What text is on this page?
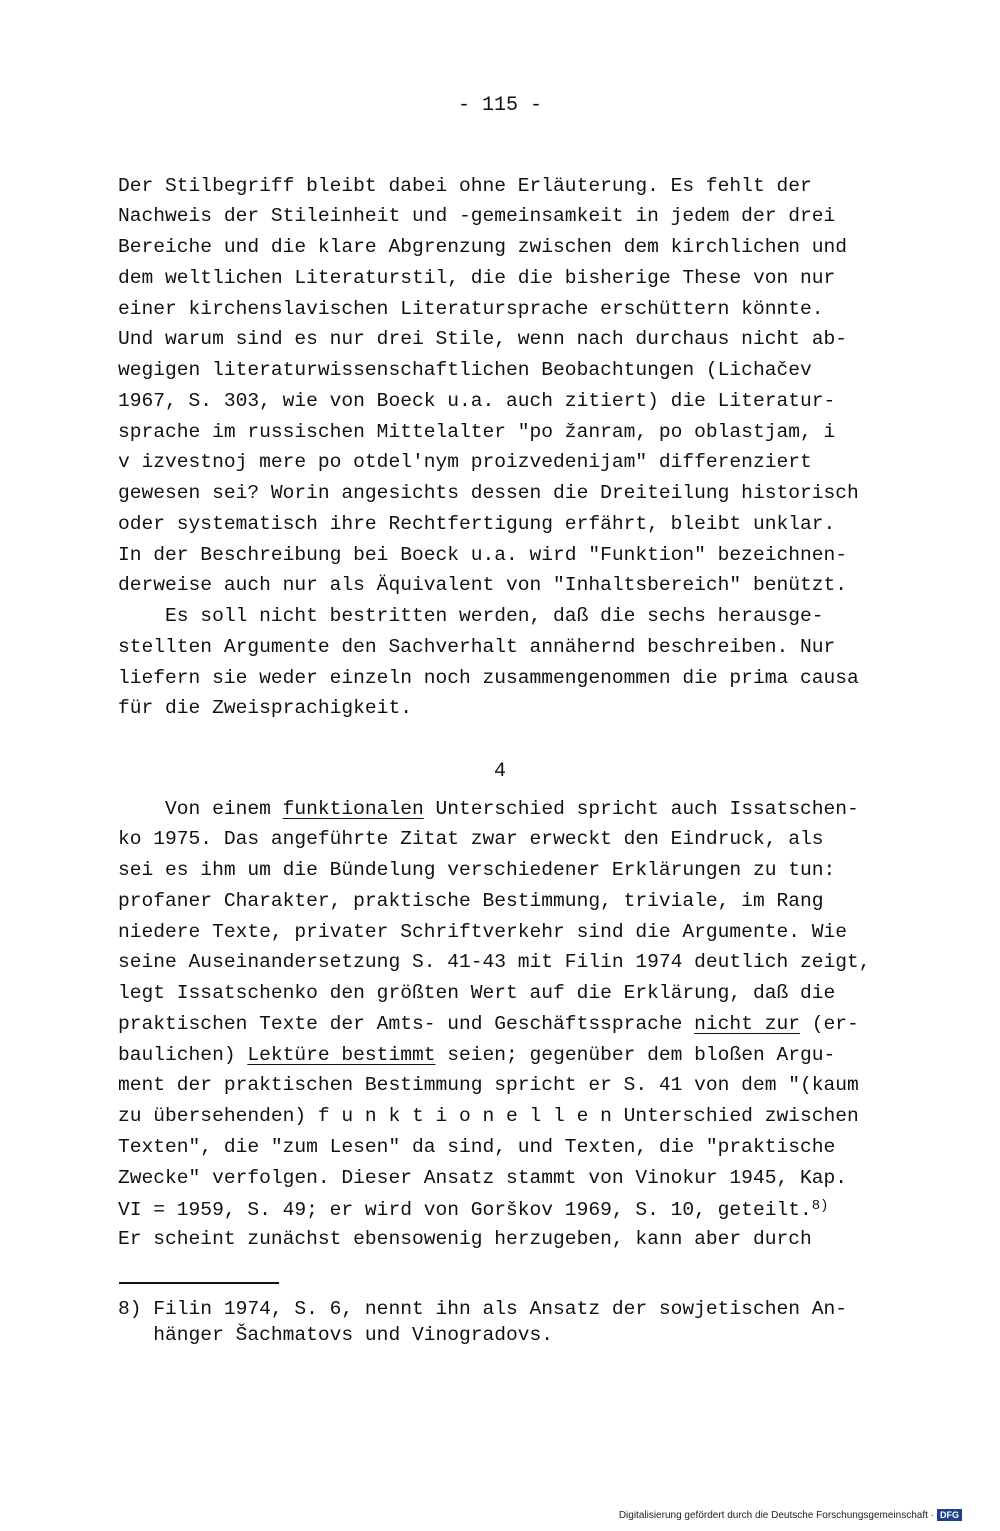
- 115 -
Der Stilbegriff bleibt dabei ohne Erläuterung. Es fehlt der
Nachweis der Stileinheit und -gemeinsamkeit in jedem der drei
Bereiche und die klare Abgrenzung zwischen dem kirchlichen und
dem weltlichen Literaturstil, die die bisherige These von nur
einer kirchenslavischen Literatursprache erschüttern könnte.
Und warum sind es nur drei Stile, wenn nach durchaus nicht ab-
wegigen literaturwissenschaftlichen Beobachtungen (Lichačev
1967, S. 303, wie von Boeck u.a. auch zitiert) die Literatur-
sprache im russischen Mittelalter "po žanram, po oblastjam, i
v izvestnoj mere po otdel'nym proizvedenijam" differenziert
gewesen sei? Worin angesichts dessen die Dreiteilung historisch
oder systematisch ihre Rechtfertigung erfährt, bleibt unklar.
In der Beschreibung bei Boeck u.a. wird "Funktion" bezeichnen-
derweise auch nur als Äquivalent von "Inhaltsbereich" benützt.
Es soll nicht bestritten werden, daß die sechs herausge-
stellten Argumente den Sachverhalt annähernd beschreiben. Nur
liefern sie weder einzeln noch zusammengenommen die prima causa
für die Zweisprachigkeit.
4
Von einem funktionalen Unterschied spricht auch Issatschen-
ko 1975. Das angeführte Zitat zwar erweckt den Eindruck, als
sei es ihm um die Bündelung verschiedener Erklärungen zu tun:
profaner Charakter, praktische Bestimmung, triviale, im Rang
niedere Texte, privater Schriftverkehr sind die Argumente. Wie
seine Auseinandersetzung S. 41-43 mit Filin 1974 deutlich zeigt,
legt Issatschenko den größten Wert auf die Erklärung, daß die
praktischen Texte der Amts- und Geschäftssprache nicht zur (er-
baulichen) Lektüre bestimmt seien; gegenüber dem bloßen Argu-
ment der praktischen Bestimmung spricht er S. 41 von dem "(kaum
zu übersehenden) f u n k t i o n e l l e n Unterschied zwischen
Texten", die "zum Lesen" da sind, und Texten, die "praktische
Zwecke" verfolgen. Dieser Ansatz stammt von Vinokur 1945, Kap.
VI = 1959, S. 49; er wird von Gorškov 1969, S. 10, geteilt.$^{8)}$
Er scheint zunächst ebensowenig herzugeben, kann aber durch
8) Filin 1974, S. 6, nennt ihn als Ansatz der sowjetischen An-
hänger Šachmatovs und Vinogradovs.
Digitalisierung gefördert durch die Deutsche Forschungsgemeinschaft · DFG
